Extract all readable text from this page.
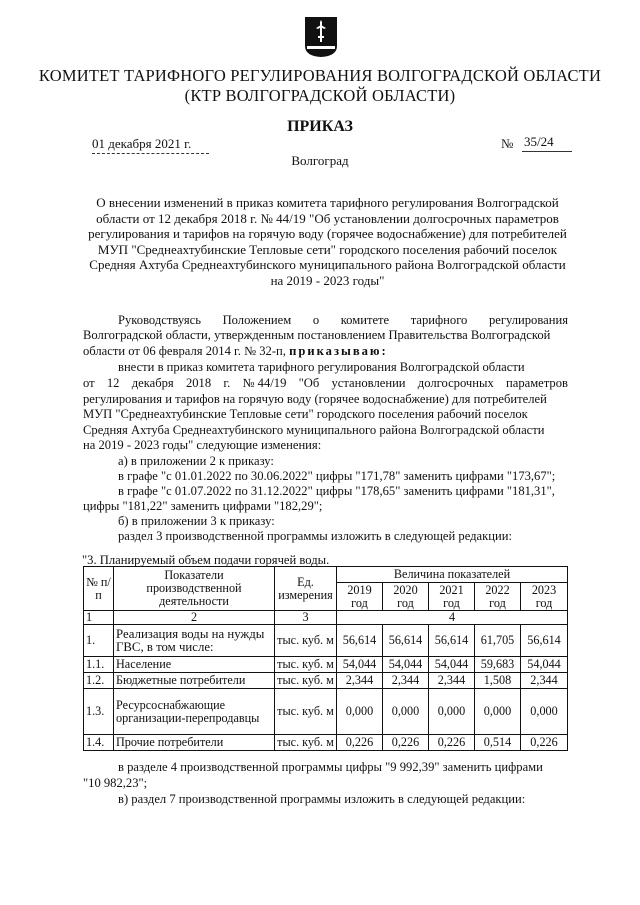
КОМИТЕТ ТАРИФНОГО РЕГУЛИРОВАНИЯ ВОЛГОГРАДСКОЙ ОБЛАСТИ
(КТР ВОЛГОГРАДСКОЙ ОБЛАСТИ)
ПРИКАЗ
01 декабря 2021 г.	№ 35/24
Волгоград
О внесении изменений в приказ комитета тарифного регулирования Волгоградской
области от 12 декабря 2018 г. № 44/19 "Об установлении долгосрочных параметров
регулирования и тарифов на горячую воду (горячее водоснабжение) для потребителей
МУП "Среднеахтубинские Тепловые сети" городского поселения рабочий поселок
Средняя Ахтуба Среднеахтубинского муниципального района Волгоградской области
на 2019 - 2023 годы"
Руководствуясь Положением о комитете тарифного регулирования
Волгоградской области, утвержденным постановлением Правительства Волгоградской
области от 06 февраля 2014 г. № 32-п, приказываю:
внести в приказ комитета тарифного регулирования Волгоградской области
от 12 декабря 2018 г. № 44/19 "Об установлении долгосрочных параметров
регулирования и тарифов на горячую воду (горячее водоснабжение) для потребителей
МУП "Среднеахтубинские Тепловые сети" городского поселения рабочий поселок
Средняя Ахтуба Среднеахтубинского муниципального района Волгоградской области
на 2019 - 2023 годы" следующие изменения:
а) в приложении 2 к приказу:
в графе "с 01.01.2022 по 30.06.2022" цифры "171,78" заменить цифрами "173,67";
в графе "с 01.07.2022 по 31.12.2022" цифры "178,65" заменить цифрами "181,31",
цифры "181,22" заменить цифрами "182,29";
б) в приложении 3 к приказу:
раздел 3 производственной программы изложить в следующей редакции:
"3. Планируемый объем подачи горячей воды.
№ п/п	Показатели производственной деятельности	Ед. измерения	Величина показателей				
			2019 год	2020 год	2021 год	2022 год	2023 год
1	2	3	4				
1.	Реализация воды на нужды ГВС, в том числе:	тыс. куб. м	56,614	56,614	56,614	61,705	56,614
1.1.	Население	тыс. куб. м	54,044	54,044	54,044	59,683	54,044
1.2.	Бюджетные потребители	тыс. куб. м	2,344	2,344	2,344	1,508	2,344
1.3.	Ресурсоснабжающие организации-перепродавцы	тыс. куб. м	0,000	0,000	0,000	0,000	0,000
1.4.	Прочие потребители	тыс. куб. м	0,226	0,226	0,226	0,514	0,226
в разделе 4 производственной программы цифры "9 992,39" заменить цифрами
"10 982,23";
в) раздел 7 производственной программы изложить в следующей редакции:
